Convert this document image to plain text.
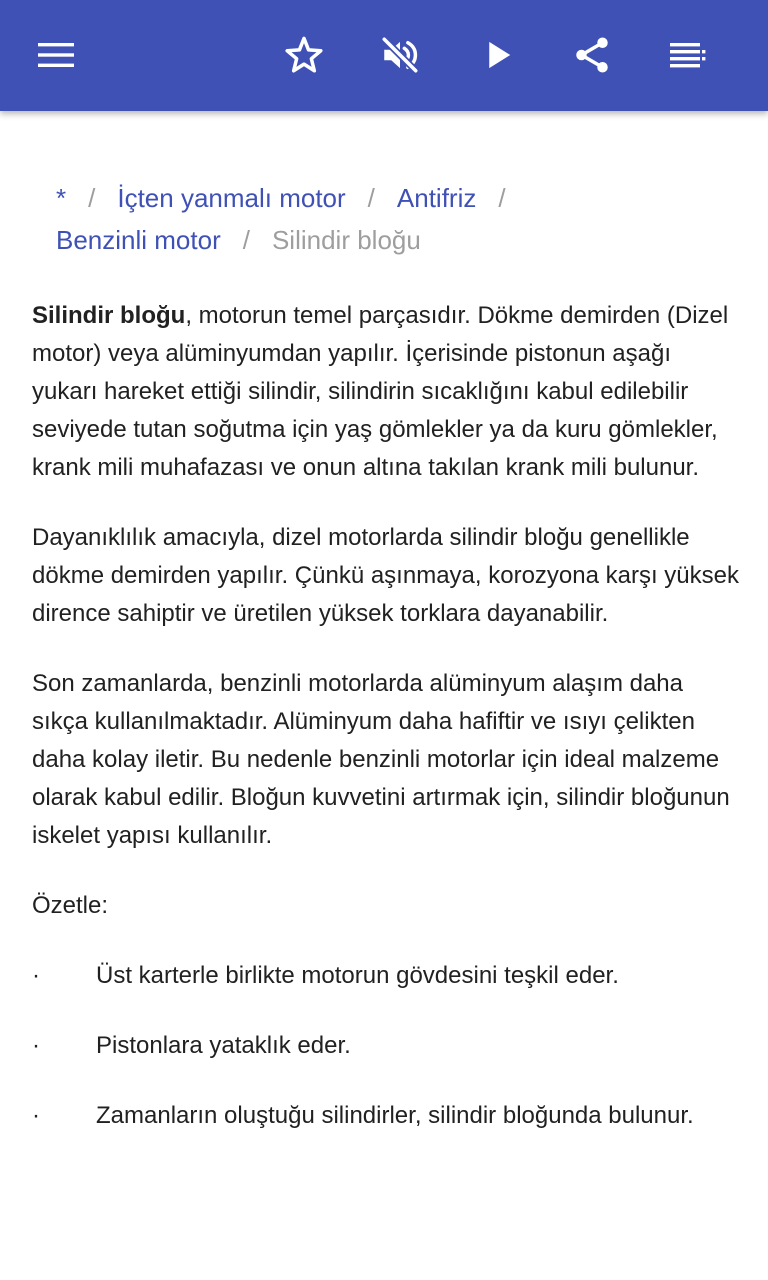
* / İçten yanmalı motor / Antifriz /
Benzinli motor / Silindir bloğu

Silindir bloğu, motorun temel parçasıdır. Dökme demirden (Dizel motor) veya alüminyumdan yapılır. İçerisinde pistonun aşağı yukarı hareket ettiği silindir, silindirin sıcaklığını kabul edilebilir seviyede tutan soğutma için yaş gömlekler ya da kuru gömlekler, krank mili muhafazası ve onun altına takılan krank mili bulunur.

Dayanıklılık amacıyla, dizel motorlarda silindir bloğu genellikle dökme demirden yapılır. Çünkü aşınmaya, korozyona karşı yüksek dirence sahiptir ve üretilen yüksek torklara dayanabilir.

Son zamanlarda, benzinli motorlarda alüminyum alaşım daha sıkça kullanılmaktadır. Alüminyum daha hafiftir ve ısıyı çelikten daha kolay iletir. Bu nedenle benzinli motorlar için ideal malzeme olarak kabul edilir. Bloğun kuvvetini artırmak için, silindir bloğunun iskelet yapısı kullanılır.

Özetle:

· Üst karterle birlikte motorun gövdesini teşkil eder.

· Pistonlara yataklık eder.

· Zamanların oluştuğu silindirler, silindir bloğunda bulunur.
